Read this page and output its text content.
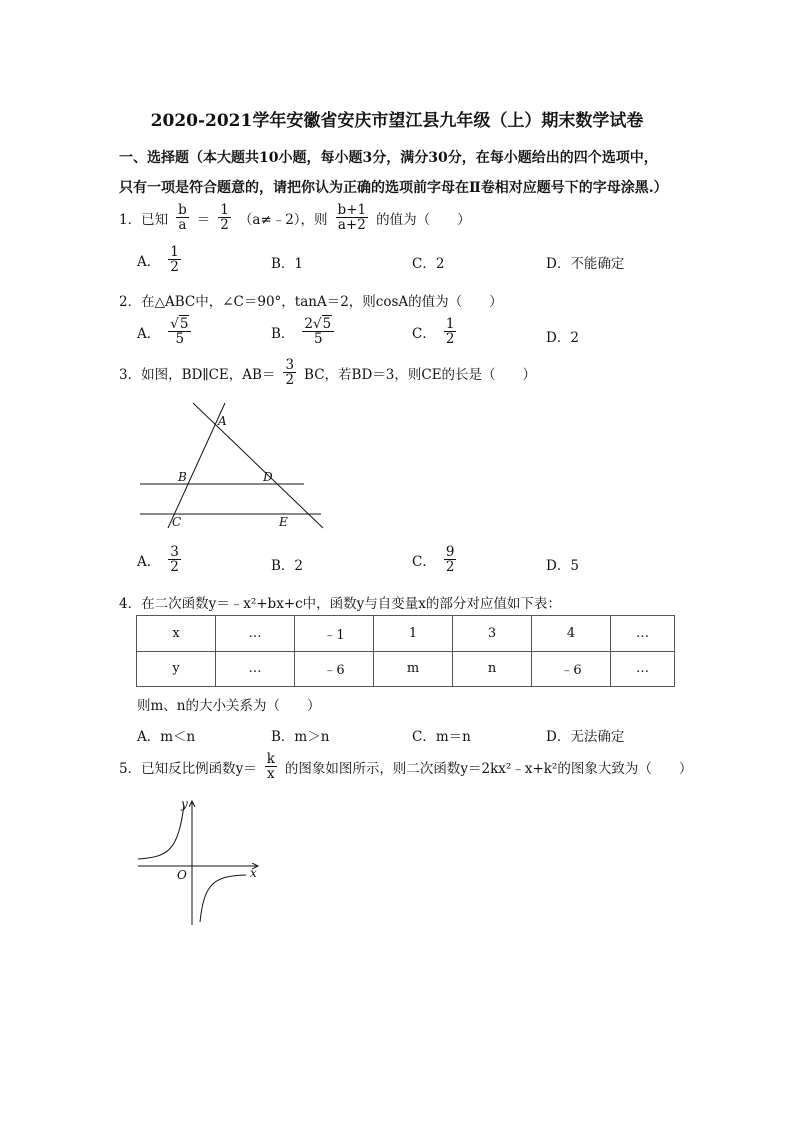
2020-2021学年安徽省安庆市望江县九年级（上）期末数学试卷
一、选择题（本大题共10小题，每小题3分，满分30分，在每小题给出的四个选项中，
只有一项是符合题意的，请把你认为正确的选项前字母在Ⅱ卷相对应题号下的字母涂黑.）
1．已知 $\frac{b}{a} = \frac{1}{2}$ （a≠﹣2），则 $\frac{b+1}{a+2}$ 的值为（　　）
A． $\frac{1}{2}$	B．1	C．2	D．不能确定
2．在△ABC中，∠C＝90°，tanA＝2，则cosA的值为（　　）
A． $\frac{√5}{5}$	B． $\frac{2√5}{5}$	C． $\frac{1}{2}$	D．2
3．如图，BD∥CE，$AB= \frac{3}{2}$ BC，若BD＝3，则CE的长是（　　）
A
B	D
C	E
A． $\frac{3}{2}$	B．2	C． $\frac{9}{2}$	D．5
4．在二次函数y＝﹣x²+bx+c中，函数y与自变量x的部分对应值如下表：
x	…	﹣1	1	3	4	…
y	…	﹣6	m	n	﹣6	…
则m、n的大小关系为（　　）
A．m＜n	B．m＞n	C．m＝n	D．无法确定
5．已知反比例函数$y= \frac{k}{x}$ 的图象如图所示，则二次函数y＝2kx²﹣x+k²的图象大致为（　　）
y
x
O
